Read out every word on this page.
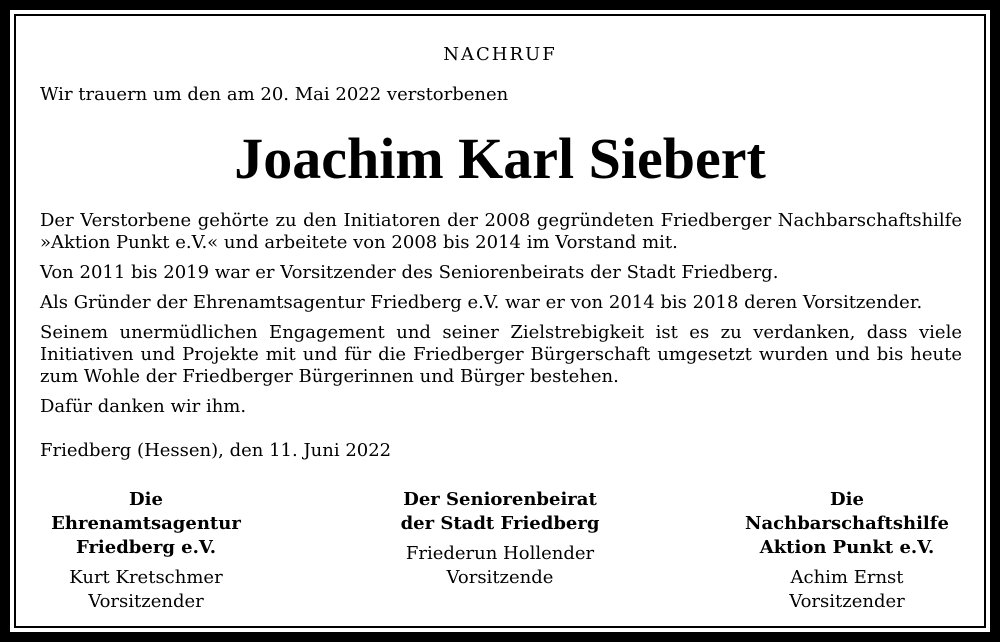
NACHRUF
Wir trauern um den am 20. Mai 2022 verstorbenen
Joachim Karl Siebert

Der Verstorbene gehörte zu den Initiatoren der 2008 gegründeten Friedberger Nachbarschaftshilfe »Aktion Punkt e.V.« und arbeitete von 2008 bis 2014 im Vorstand mit.

Von 2011 bis 2019 war er Vorsitzender des Seniorenbeirats der Stadt Friedberg.

Als Gründer der Ehrenamtsagentur Friedberg e.V. war er von 2014 bis 2018 deren Vorsitzender.

Seinem unermüdlichen Engagement und seiner Zielstrebigkeit ist es zu verdanken, dass viele Initiativen und Projekte mit und für die Friedberger Bürgerschaft umgesetzt wurden und bis heute zum Wohle der Friedberger Bürgerinnen und Bürger bestehen.

Dafür danken wir ihm.

Friedberg (Hessen), den 11. Juni 2022
Die Ehrenamtsagentur
Friedberg e.V.
Kurt Kretschmer
Vorsitzender
Der Seniorenbeirat
der Stadt Friedberg
Friederun Hollender
Vorsitzende
Die Nachbarschaftshilfe
Aktion Punkt e.V.
Achim Ernst
Vorsitzender
